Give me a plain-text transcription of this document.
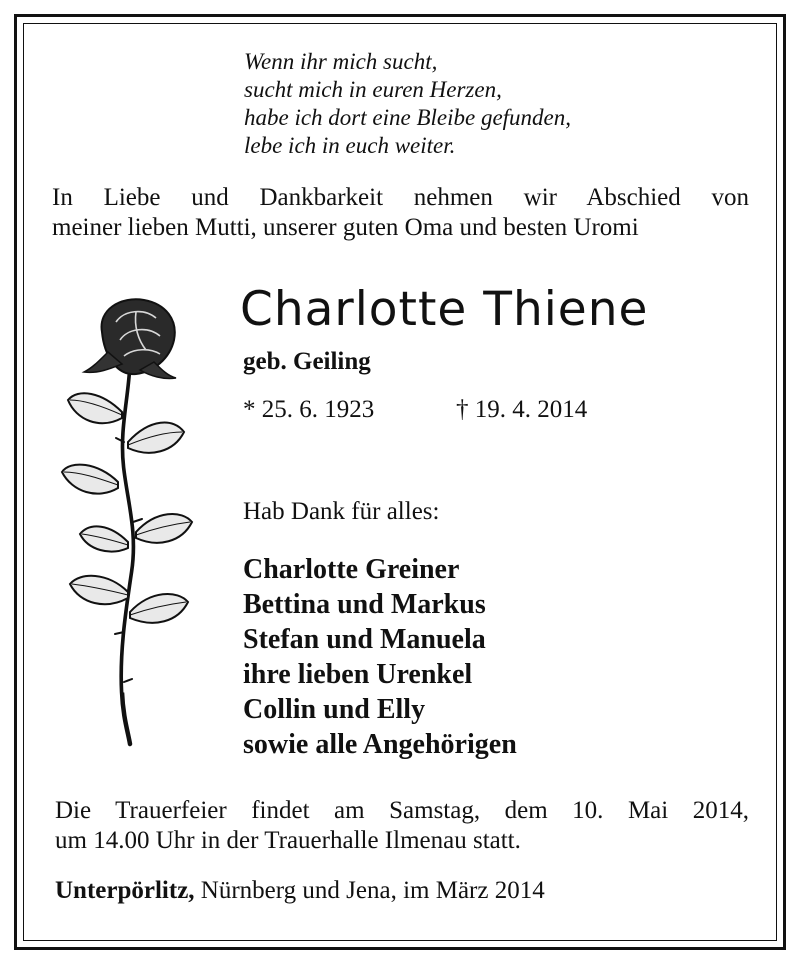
Wenn ihr mich sucht,
sucht mich in euren Herzen,
habe ich dort eine Bleibe gefunden,
lebe ich in euch weiter.
In Liebe und Dankbarkeit nehmen wir Abschied von
meiner lieben Mutti, unserer guten Oma und besten Uromi
Charlotte Thiene
geb. Geiling
* 25. 6. 1923	† 19. 4. 2014
Hab Dank für alles:
Charlotte Greiner
Bettina und Markus
Stefan und Manuela
ihre lieben Urenkel
Collin und Elly
sowie alle Angehörigen
Die Trauerfeier findet am Samstag, dem 10. Mai 2014,
um 14.00 Uhr in der Trauerhalle Ilmenau statt.
Unterpörlitz, Nürnberg und Jena, im März 2014
